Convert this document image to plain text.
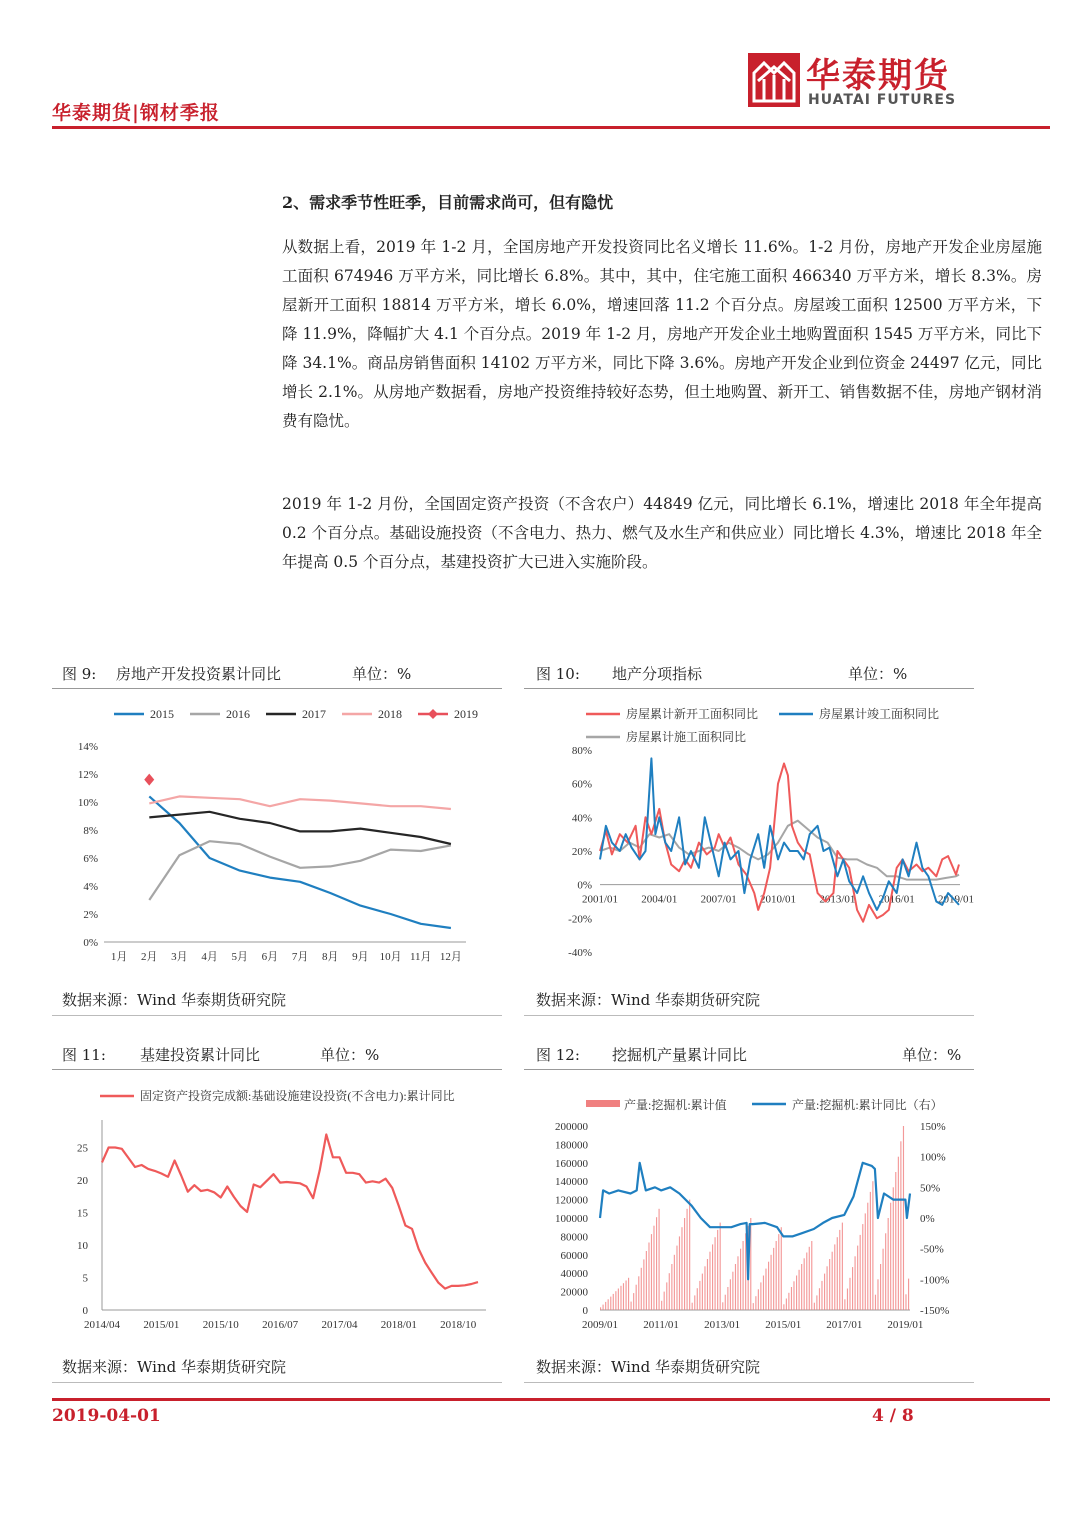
华泰期货|钢材季报
华泰期货
HUATAI FUTURES
2、需求季节性旺季，目前需求尚可，但有隐忧
从数据上看，2019 年 1-2 月，全国房地产开发投资同比名义增长 11.6%。1-2 月份，房地产开发企业房屋施工面积 674946 万平方米，同比增长 6.8%。其中，其中，住宅施工面积 466340 万平方米，增长 8.3%。房屋新开工面积 18814 万平方米，增长 6.0%，增速回落 11.2 个百分点。房屋竣工面积 12500 万平方米，下降 11.9%，降幅扩大 4.1 个百分点。2019 年 1-2 月，房地产开发企业土地购置面积 1545 万平方米，同比下降 34.1%。商品房销售面积 14102 万平方米，同比下降 3.6%。房地产开发企业到位资金 24497 亿元，同比增长 2.1%。从房地产数据看，房地产投资维持较好态势，但土地购置、新开工、销售数据不佳，房地产钢材消费有隐忧。
2019 年 1-2 月份，全国固定资产投资（不含农户）44849 亿元，同比增长 6.1%，增速比 2018 年全年提高 0.2 个百分点。基础设施投资（不含电力、热力、燃气及水生产和供应业）同比增长 4.3%，增速比 2018 年全年提高 0.5 个百分点，基建投资扩大已进入实施阶段。
图 9: 房地产开发投资累计同比	单位：%	图 10: 地产分项指标	单位：%
2015	2016	2017	2018	2019
0%
2%
4%
6%
8%
10%
12%
14%
1月 2月 3月 4月 5月 6月 7月 8月 9月 10月 11月 12月
房屋累计新开工面积同比	房屋累计竣工面积同比
房屋累计施工面积同比
-40%
-20%
0%
20%
40%
60%
80%
2001/01 2004/01 2007/01 2010/01 2013/01 2016/01 2019/01
数据来源：Wind 华泰期货研究院	数据来源：Wind 华泰期货研究院
图 11: 基建投资累计同比	单位：%	图 12: 挖掘机产量累计同比	单位：%
固定资产投资完成额:基础设施建设投资(不含电力):累计同比
0
5
10
15
20
25
2014/04 2015/01 2015/10 2016/07 2017/04 2018/01 2018/10
产量:挖掘机:累计值	产量:挖掘机:累计同比（右）
0
20000
40000
60000
80000
100000
120000
140000
160000
180000
200000
-150%
-100%
-50%
0%
50%
100%
150%
2009/01 2011/01 2013/01 2015/01 2017/01 2019/01
数据来源：Wind 华泰期货研究院	数据来源：Wind 华泰期货研究院
2019-04-01	4 / 8
